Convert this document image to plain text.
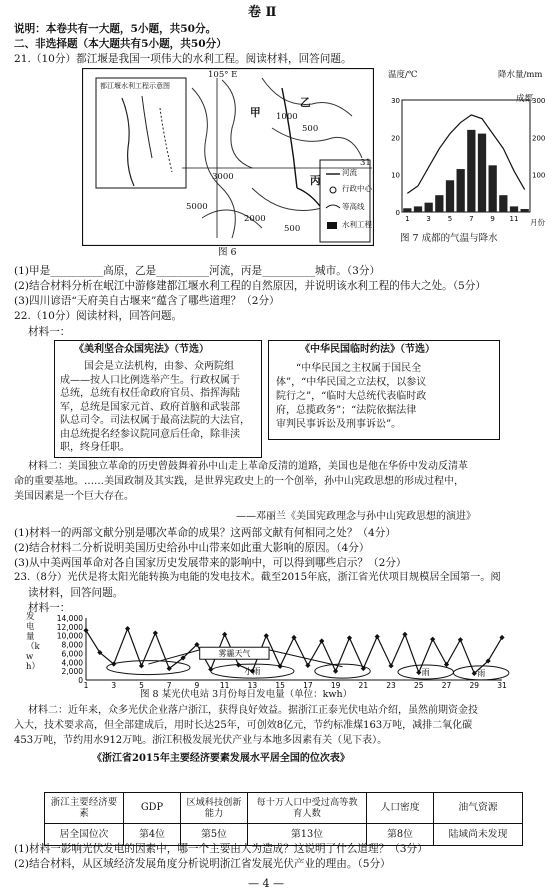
卷 Ⅱ
说明：本卷共有一大题，5小题，共50分。
二、非选择题（本大题共有5小题，共50分）
21.（10分）都江堰是我国一项伟大的水利工程。阅读材料，回答问题。
都江堰水利工程示意图
105° E
甲
乙
丙
500
1000
3000
5000
2000
500
31
河流
行政中心
等高线
水利工程
图 6
30
20
10
0
300
200
100
1 3 5 7 9 11
温度/℃	降水量/mm
成都
月份
图 7 成都的气温与降水
(1)甲是__________高原，乙是__________河流，丙是__________城市。（3分）
(2)结合材料分析在岷江中游修建都江堰水利工程的自然原因，并说明该水利工程的伟大之处。（5分）
(3)四川谚语“天府美自古堰来”蕴含了哪些道理？（2分）
22.（10分）阅读材料，回答问题。
材料一：
《美利坚合众国宪法》（节选）	《中华民国临时约法》（节选）
国会是立法机构，由参、众两院组
成——按人口比例选举产生。行政权属于
总统，总统有权任命政府官员、指挥海陆
军，总统是国家元首、政府首脑和武装部
队总司令。司法权属于最高法院的大法官，
由总统提名经参议院同意后任命，除非渎
职，终身任职。
“中华民国之主权属于国民全
体”，“中华民国之立法权，以参议
院行之”，“临时大总统代表临时政
府，总揽政务”；“法院依据法律
审判民事诉讼及刑事诉讼”。
材料二：美国独立革命的历史曾鼓舞着孙中山走上革命反清的道路，美国也是他在华侨中发动反清革
命的重要基地。……美国政制及其实践，是世界宪政史上的一个创举，孙中山宪政思想的形成过程中，
美国因素是一个巨大存在。
——邓丽兰《美国宪政理念与孙中山宪政思想的演进》
(1)材料一的两部文献分别是哪次革命的成果？这两部文献有何相同之处？（4分）
(2)结合材料二分析说明美国历史给孙中山带来如此重大影响的原因。（4分）
(3)从中美两国革命对各自国家历史发展带来的影响中，可以得到哪些启示？（2分）
23.（8分）光伏是将太阳光能转换为电能的发电技术。截至2015年底，浙江省光伏项目规模居全国第一。阅
读材料，回答问题。
材料一：
0
2,000
4,000
6,000
8,000
10,000
12,000
14,000
1	3	5	7	9	11 13 15 17 19 21 23 25 27 29 31
雾霾天气
小雨	雨	雨
发电量（kwh）
图 8 某光伏电站 3月份每日发电量（单位：kwh）
材料二：近年来，众多光伏企业落户浙江，获得良好效益。据浙江正泰光伏电站介绍，虽然前期资金投
入大，技术要求高，但全部建成后，用时长达25年，可创效8亿元，节约标准煤163万吨，减排二氧化碳
453万吨，节约用水912万吨。浙江积极发展光伏产业与本地多因素有关（见下表）。
《浙江省2015年主要经济要素发展水平居全国的位次表》
浙江主要经济要素	GDP	区域科技创新能力	每十万人口中受过高等教育人数	人口密度	油气资源
居全国位次	第4位	第5位	第13位	第8位	陆域尚未发现
(1)材料一影响光伏发电的因素中，哪一个主要由人为造成？这说明了什么道理？（3分）
(2)结合材料，从区域经济发展角度分析说明浙江省发展光伏产业的理由。（5分）
— 4 —
